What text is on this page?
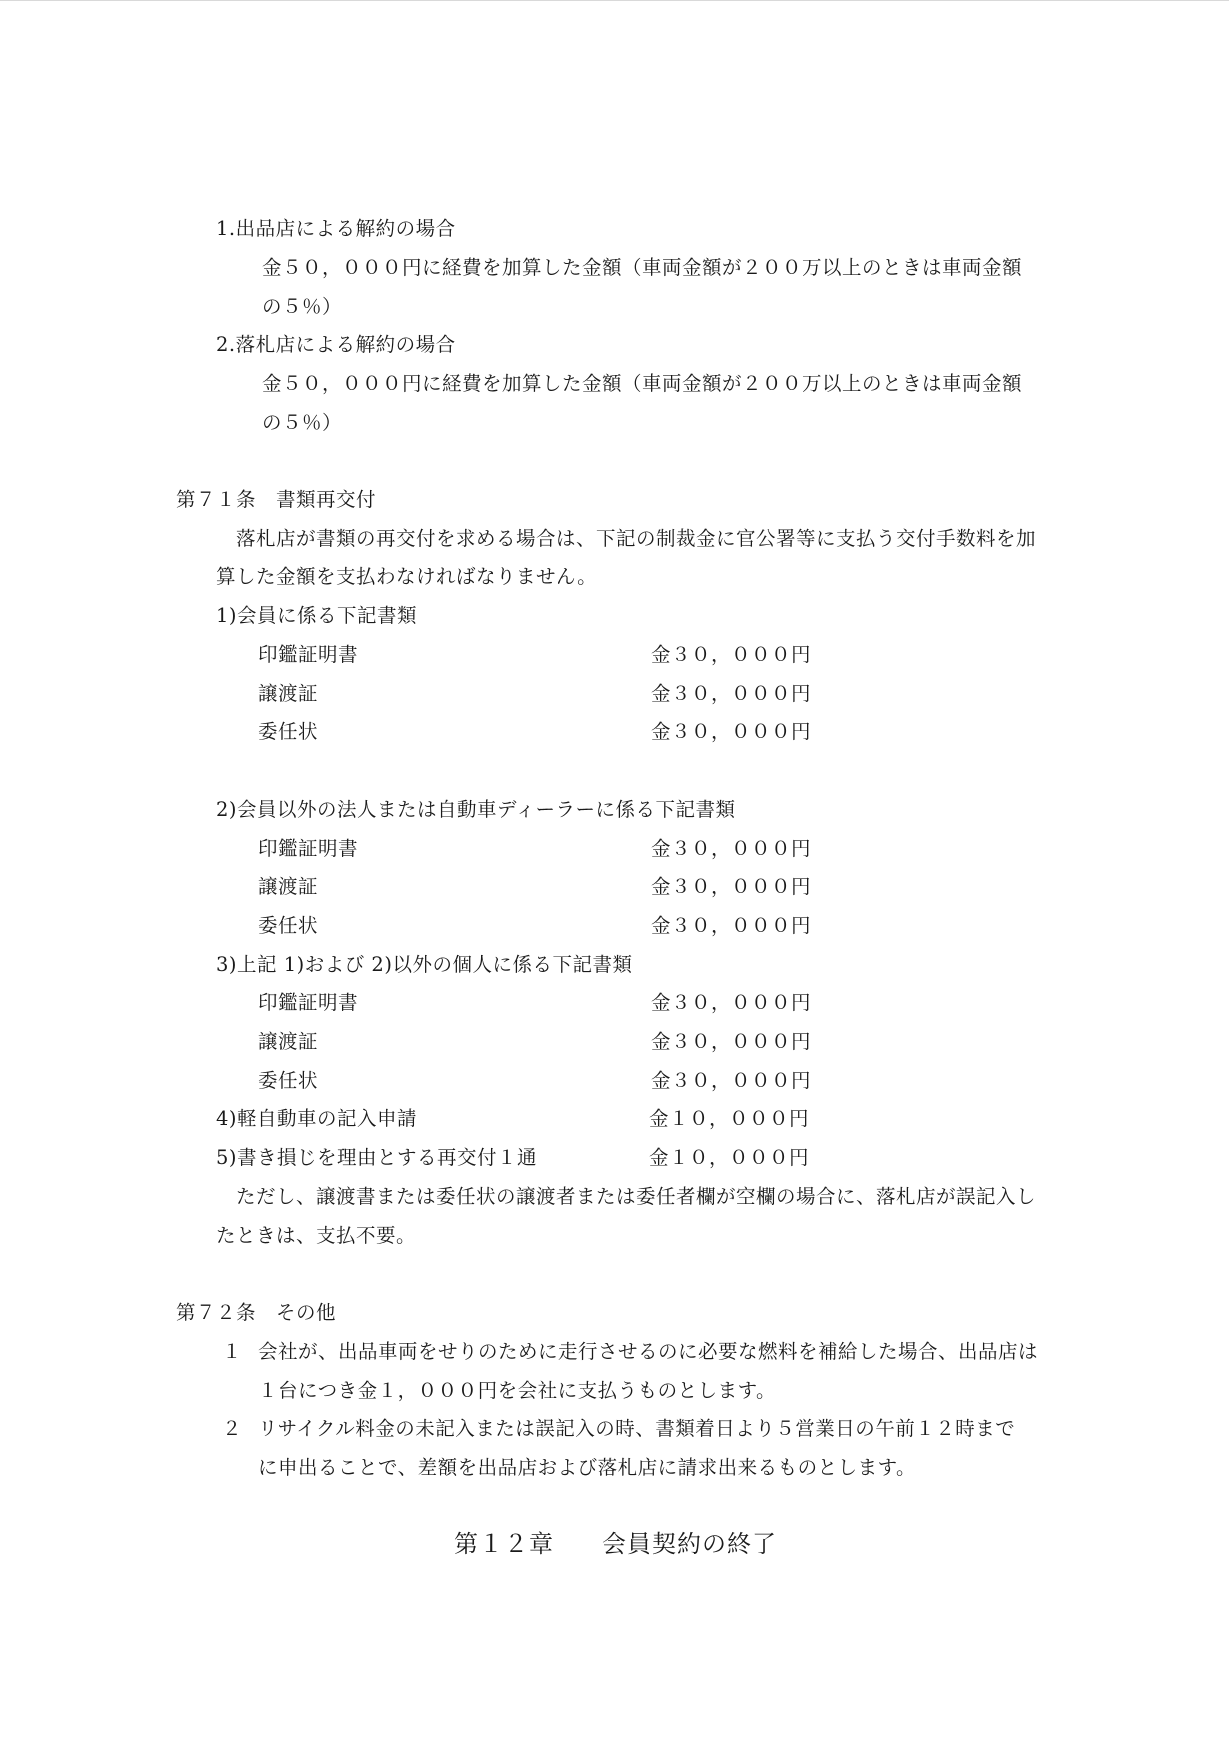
1.出品店による解約の場合
金５０，０００円に経費を加算した金額（車両金額が２００万以上のときは車両金額
の５％）
2.落札店による解約の場合
金５０，０００円に経費を加算した金額（車両金額が２００万以上のときは車両金額
の５％）
第７１条　書類再交付
落札店が書類の再交付を求める場合は、下記の制裁金に官公署等に支払う交付手数料を加
算した金額を支払わなければなりません。
1)会員に係る下記書類
印鑑証明書	金３０，０００円
譲渡証	金３０，０００円
委任状	金３０，０００円
2)会員以外の法人または自動車ディーラーに係る下記書類
印鑑証明書	金３０，０００円
譲渡証	金３０，０００円
委任状	金３０，０００円
3)上記 1)および 2)以外の個人に係る下記書類
印鑑証明書	金３０，０００円
譲渡証	金３０，０００円
委任状	金３０，０００円
4)軽自動車の記入申請	金１０，０００円
5)書き損じを理由とする再交付１通	金１０，０００円
ただし、譲渡書または委任状の譲渡者または委任者欄が空欄の場合に、落札店が誤記入し
たときは、支払不要。
第７２条　その他
１ 会社が、出品車両をせりのために走行させるのに必要な燃料を補給した場合、出品店は
１台につき金１，０００円を会社に支払うものとします。
２ リサイクル料金の未記入または誤記入の時、書類着日より５営業日の午前１２時まで
に申出ることで、差額を出品店および落札店に請求出来るものとします。
第１２章 会員契約の終了
